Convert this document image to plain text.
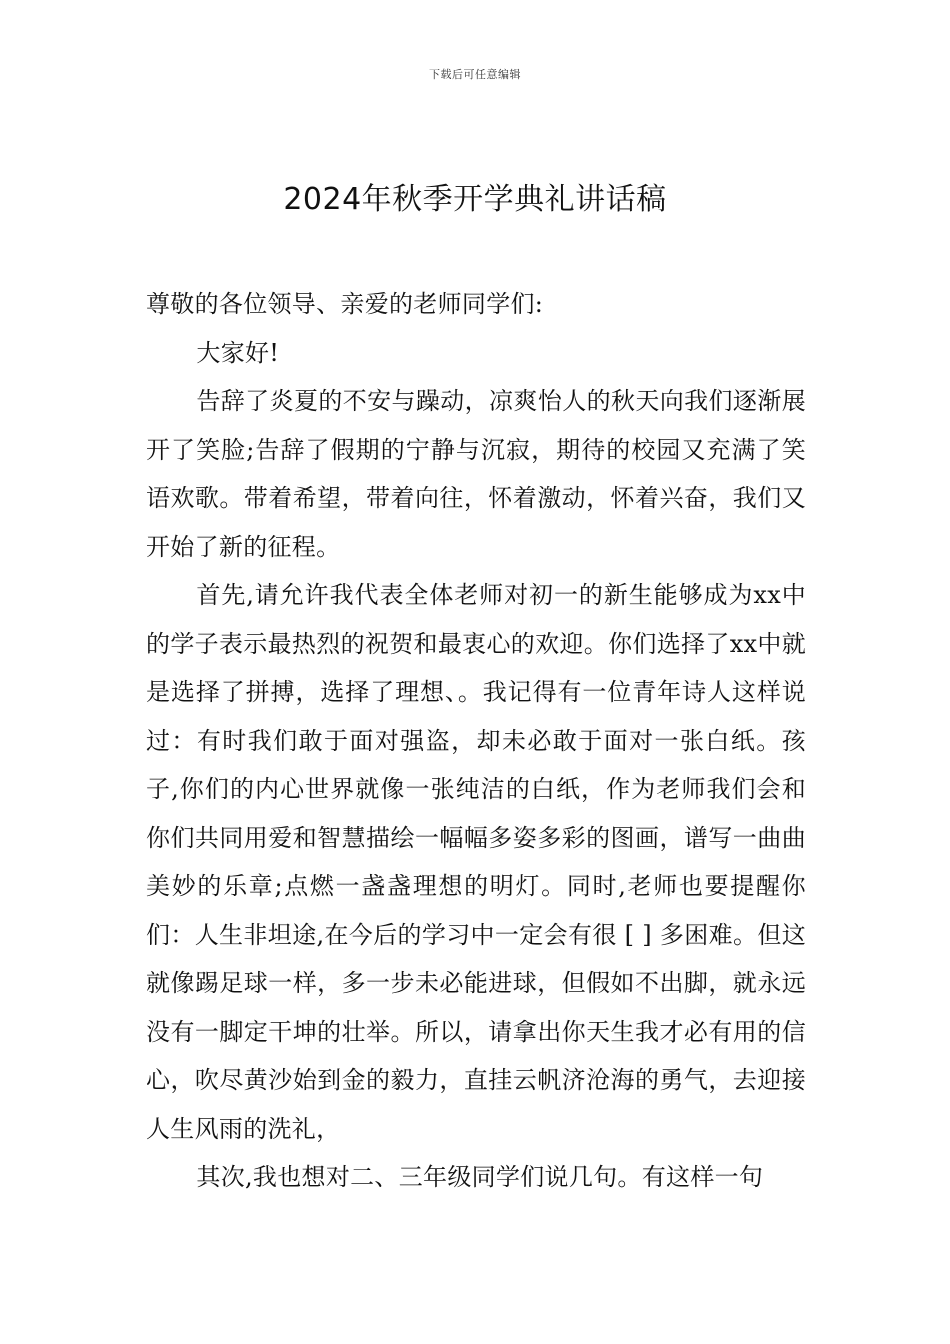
下载后可任意编辑
2024年秋季开学典礼讲话稿

尊敬的各位领导、亲爱的老师同学们:

大家好!

告辞了炎夏的不安与躁动，凉爽怡人的秋天向我们逐渐展开了笑脸;告辞了假期的宁静与沉寂，期待的校园又充满了笑语欢歌。带着希望，带着向往，怀着激动，怀着兴奋，我们又开始了新的征程。

首先,请允许我代表全体老师对初一的新生能够成为xx中的学子表示最热烈的祝贺和最衷心的欢迎。你们选择了xx中就是选择了拼搏，选择了理想、。我记得有一位青年诗人这样说过：有时我们敢于面对强盗，却未必敢于面对一张白纸。孩子,你们的内心世界就像一张纯洁的白纸，作为老师我们会和你们共同用爱和智慧描绘一幅幅多姿多彩的图画，谱写一曲曲美妙的乐章;点燃一盏盏理想的明灯。同时,老师也要提醒你们：人生非坦途,在今后的学习中一定会有很 [ ] 多困难。但这就像踢足球一样，多一步未必能进球，但假如不出脚，就永远没有一脚定干坤的壮举。所以，请拿出你天生我才必有用的信心，吹尽黄沙始到金的毅力，直挂云帆济沧海的勇气，去迎接人生风雨的洗礼，

其次,我也想对二、三年级同学们说几句。有这样一句
